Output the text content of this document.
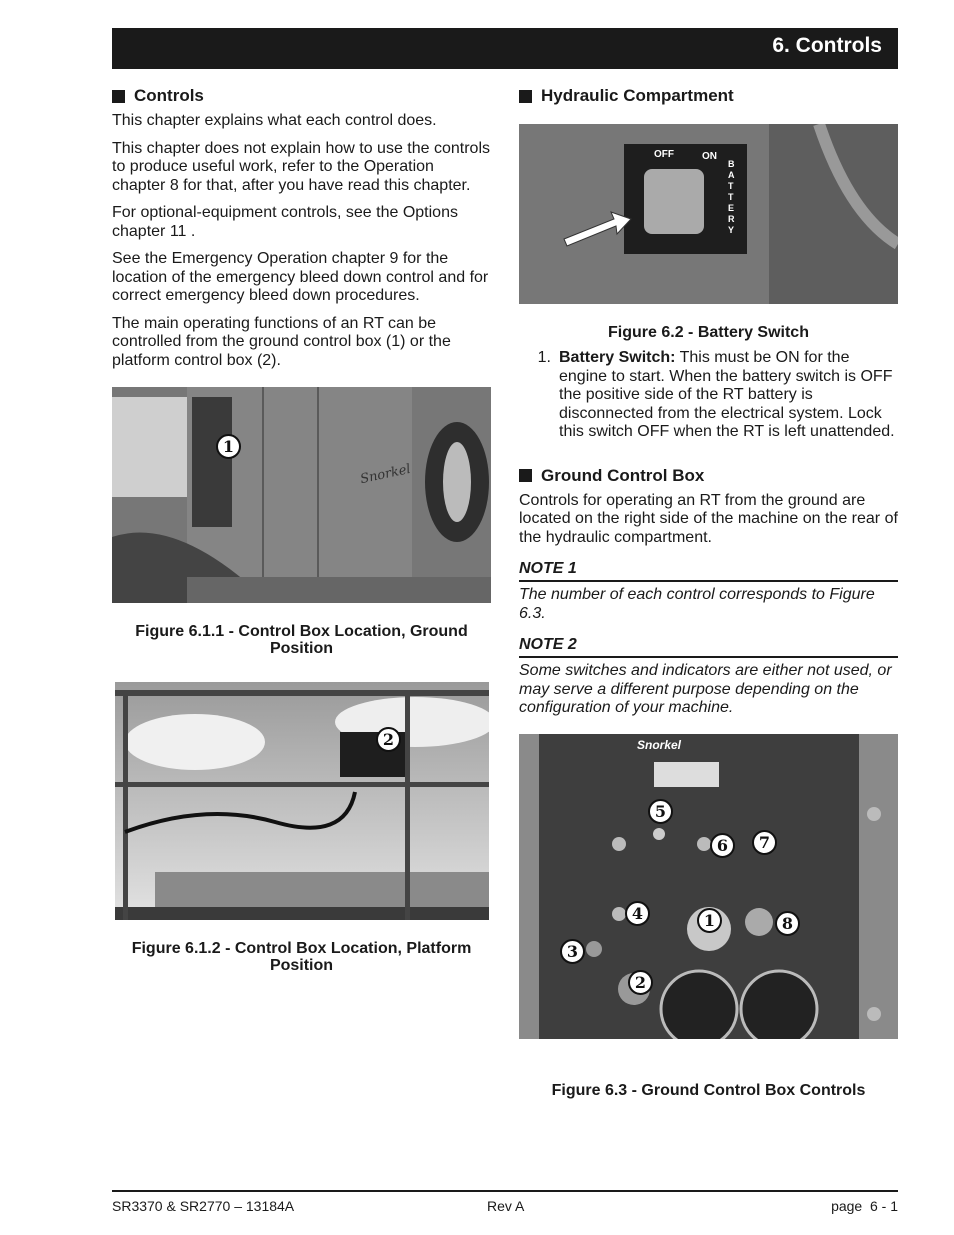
6. Controls
Controls

This chapter explains what each control does.

This chapter does not explain how to use the controls to produce useful work, refer to the Operation chapter 8 for that, after you have read this chapter.

For optional-equipment controls, see the Options chapter 11 .

See the Emergency Operation chapter 9 for the location of the emergency bleed down control and for correct emergency bleed down procedures.

The main operating functions of an RT can be controlled from the ground control box (1) or the platform control box (2).

Snorkel
1
Figure 6.1.1 - Control Box Location, Ground Position
2
Figure 6.1.2 - Control Box Location, Platform Position
Hydraulic Compartment
OFF	ON
BATTERY
Figure 6.2 - Battery Switch
1. Battery Switch: This must be ON for the engine to start. When the battery switch is OFF the positive side of the RT battery is disconnected from the electrical system. Lock this switch OFF when the RT is left unattended.
Ground Control Box

Controls for operating an RT from the ground are located on the right side of the machine on the rear of the hydraulic compartment.

NOTE 1
The number of each control corresponds to Figure 6.3.
NOTE 2
Some switches and indicators are either not used, or may serve a different purpose depending on the configuration of your machine.
Snorkel
1
2
3
4
5
6	7
8
Figure 6.3 - Ground Control Box Controls
SR3370 & SR2770 – 13184A	Rev A	page  6 - 1
